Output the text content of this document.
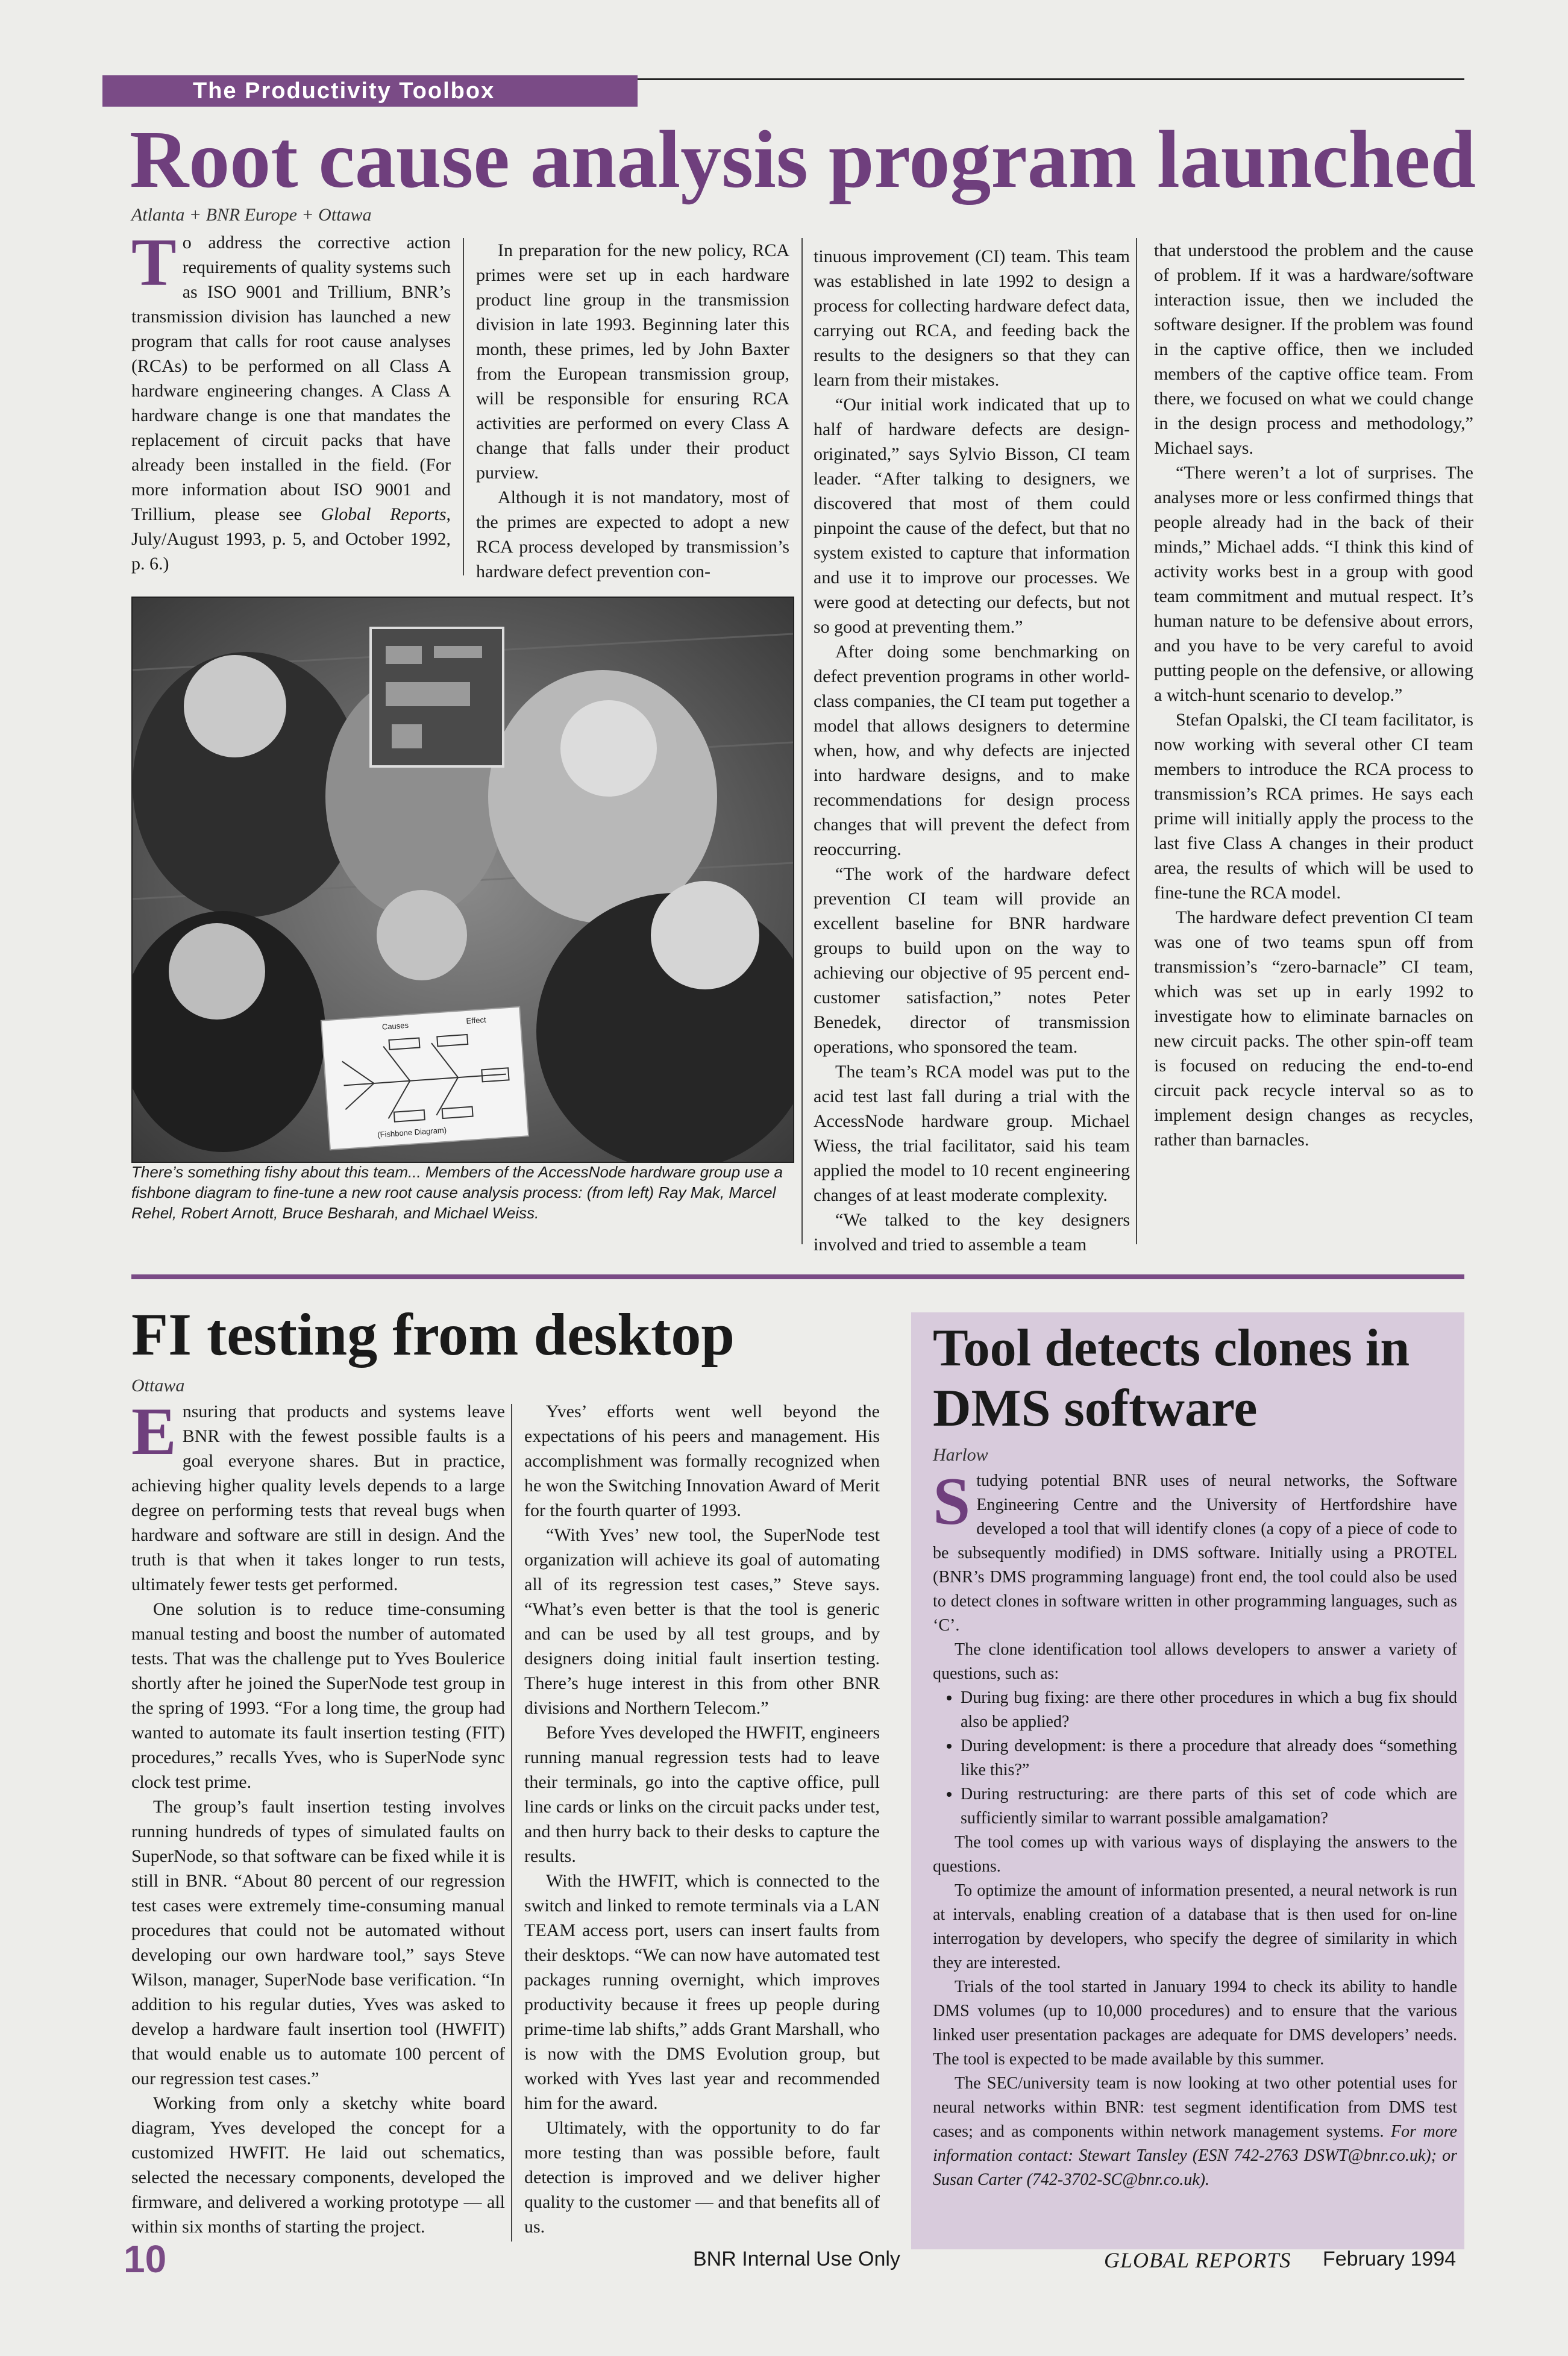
The Productivity Toolbox
Root cause analysis program launched
Atlanta + BNR Europe + Ottawa

To address the corrective action requirements of quality systems such as ISO 9001 and Trillium, BNR’s transmission division has launched a new program that calls for root cause analyses (RCAs) to be performed on all Class A hardware engineering changes. A Class A hardware change is one that mandates the replacement of circuit packs that have already been installed in the field. (For more information about ISO 9001 and Trillium, please see Global Reports, July/August 1993, p. 5, and October 1992, p. 6.)

In preparation for the new policy, RCA primes were set up in each hardware product line group in the transmission division in late 1993. Beginning later this month, these primes, led by John Baxter from the European transmission group, will be responsible for ensuring RCA activities are performed on every Class A change that falls under their product purview.

Although it is not mandatory, most of the primes are expected to adopt a new RCA process developed by transmission’s hardware defect prevention con-

tinuous improvement (CI) team. This team was established in late 1992 to design a process for collecting hardware defect data, carrying out RCA, and feeding back the results to the designers so that they can learn from their mistakes.

“Our initial work indicated that up to half of hardware defects are design-originated,” says Sylvio Bisson, CI team leader. “After talking to designers, we discovered that most of them could pinpoint the cause of the defect, but that no system existed to capture that information and use it to improve our processes. We were good at detecting our defects, but not so good at preventing them.”

After doing some benchmarking on defect prevention programs in other world-class companies, the CI team put together a model that allows designers to determine when, how, and why defects are injected into hardware designs, and to make recommendations for design process changes that will prevent the defect from reoccurring.

“The work of the hardware defect prevention CI team will provide an excellent baseline for BNR hardware groups to build upon on the way to achieving our objective of 95 percent end-customer satisfaction,” notes Peter Benedek, director of transmission operations, who sponsored the team.

The team’s RCA model was put to the acid test last fall during a trial with the AccessNode hardware group. Michael Wiess, the trial facilitator, said his team applied the model to 10 recent engineering changes of at least moderate complexity.

“We talked to the key designers involved and tried to assemble a team

that understood the problem and the cause of problem. If it was a hardware/software interaction issue, then we included the software designer. If the problem was found in the captive office, then we included members of the captive office team. From there, we focused on what we could change in the design process and methodology,” Michael says.

“There weren’t a lot of surprises. The analyses more or less confirmed things that people already had in the back of their minds,” Michael adds. “I think this kind of activity works best in a group with good team commitment and mutual respect. It’s human nature to be defensive about errors, and you have to be very careful to avoid putting people on the defensive, or allowing a witch-hunt scenario to develop.”

Stefan Opalski, the CI team facilitator, is now working with several other CI team members to introduce the RCA process to transmission’s RCA primes. He says each prime will initially apply the process to the last five Class A changes in their product area, the results of which will be used to fine-tune the RCA model.

The hardware defect prevention CI team was one of two teams spun off from transmission’s “zero-barnacle” CI team, which was set up in early 1992 to investigate how to eliminate barnacles on new circuit packs. The other spin-off team is focused on reducing the end-to-end circuit pack recycle interval so as to implement design changes as recycles, rather than barnacles.

Causes
Effect
(Fishbone Diagram)
There’s something fishy about this team... Members of the AccessNode hardware group use a fishbone diagram to fine-tune a new root cause analysis process: (from left) Ray Mak, Marcel Rehel, Robert Arnott, Bruce Besharah, and Michael Weiss.
FI testing from desktop
Ottawa

Ensuring that products and systems leave BNR with the fewest possible faults is a goal everyone shares. But in practice, achieving higher quality levels depends to a large degree on performing tests that reveal bugs when hardware and software are still in design. And the truth is that when it takes longer to run tests, ultimately fewer tests get performed.

One solution is to reduce time-consuming manual testing and boost the number of automated tests. That was the challenge put to Yves Boulerice shortly after he joined the SuperNode test group in the spring of 1993. “For a long time, the group had wanted to automate its fault insertion testing (FIT) procedures,” recalls Yves, who is SuperNode sync clock test prime.

The group’s fault insertion testing involves running hundreds of types of simulated faults on SuperNode, so that software can be fixed while it is still in BNR. “About 80 percent of our regression test cases were extremely time-consuming manual procedures that could not be automated without developing our own hardware tool,” says Steve Wilson, manager, SuperNode base verification. “In addition to his regular duties, Yves was asked to develop a hardware fault insertion tool (HWFIT) that would enable us to automate 100 percent of our regression test cases.”

Working from only a sketchy white board diagram, Yves developed the concept for a customized HWFIT. He laid out schematics, selected the necessary components, developed the firmware, and delivered a working prototype — all within six months of starting the project.

Yves’ efforts went well beyond the expectations of his peers and management. His accomplishment was formally recognized when he won the Switching Innovation Award of Merit for the fourth quarter of 1993.

“With Yves’ new tool, the SuperNode test organization will achieve its goal of automating all of its regression test cases,” Steve says. “What’s even better is that the tool is generic and can be used by all test groups, and by designers doing initial fault insertion testing. There’s huge interest in this from other BNR divisions and Northern Telecom.”

Before Yves developed the HWFIT, engineers running manual regression tests had to leave their terminals, go into the captive office, pull line cards or links on the circuit packs under test, and then hurry back to their desks to capture the results.

With the HWFIT, which is connected to the switch and linked to remote terminals via a LAN TEAM access port, users can insert faults from their desktops. “We can now have automated test packages running overnight, which improves productivity because it frees up people during prime-time lab shifts,” adds Grant Marshall, who is now with the DMS Evolution group, but worked with Yves last year and recommended him for the award.

Ultimately, with the opportunity to do far more testing than was possible before, fault detection is improved and we deliver higher quality to the customer — and that benefits all of us.

Tool detects clones in DMS software
Harlow

Studying potential BNR uses of neural networks, the Software Engineering Centre and the University of Hertfordshire have developed a tool that will identify clones (a copy of a piece of code to be subsequently modified) in DMS software. Initially using a PROTEL (BNR’s DMS programming language) front end, the tool could also be used to detect clones in software written in other programming languages, such as ‘C’.

The clone identification tool allows developers to answer a variety of questions, such as:

• During bug fixing: are there other procedures in which a bug fix should also be applied?
• During development: is there a procedure that already does “something like this?”
• During restructuring: are there parts of this set of code which are sufficiently similar to warrant possible amalgamation?

The tool comes up with various ways of displaying the answers to the questions.

To optimize the amount of information presented, a neural network is run at intervals, enabling creation of a database that is then used for on-line interrogation by developers, who specify the degree of similarity in which they are interested.

Trials of the tool started in January 1994 to check its ability to handle DMS volumes (up to 10,000 procedures) and to ensure that the various linked user presentation packages are adequate for DMS developers’ needs. The tool is expected to be made available by this summer.

The SEC/university team is now looking at two other potential uses for neural networks within BNR: test segment identification from DMS test cases; and as components within network management systems. For more information contact: Stewart Tansley (ESN 742-2763 DSWT@bnr.co.uk); or Susan Carter (742-3702-SC@bnr.co.uk).

10	BNR Internal Use Only	GLOBAL REPORTS February 1994
